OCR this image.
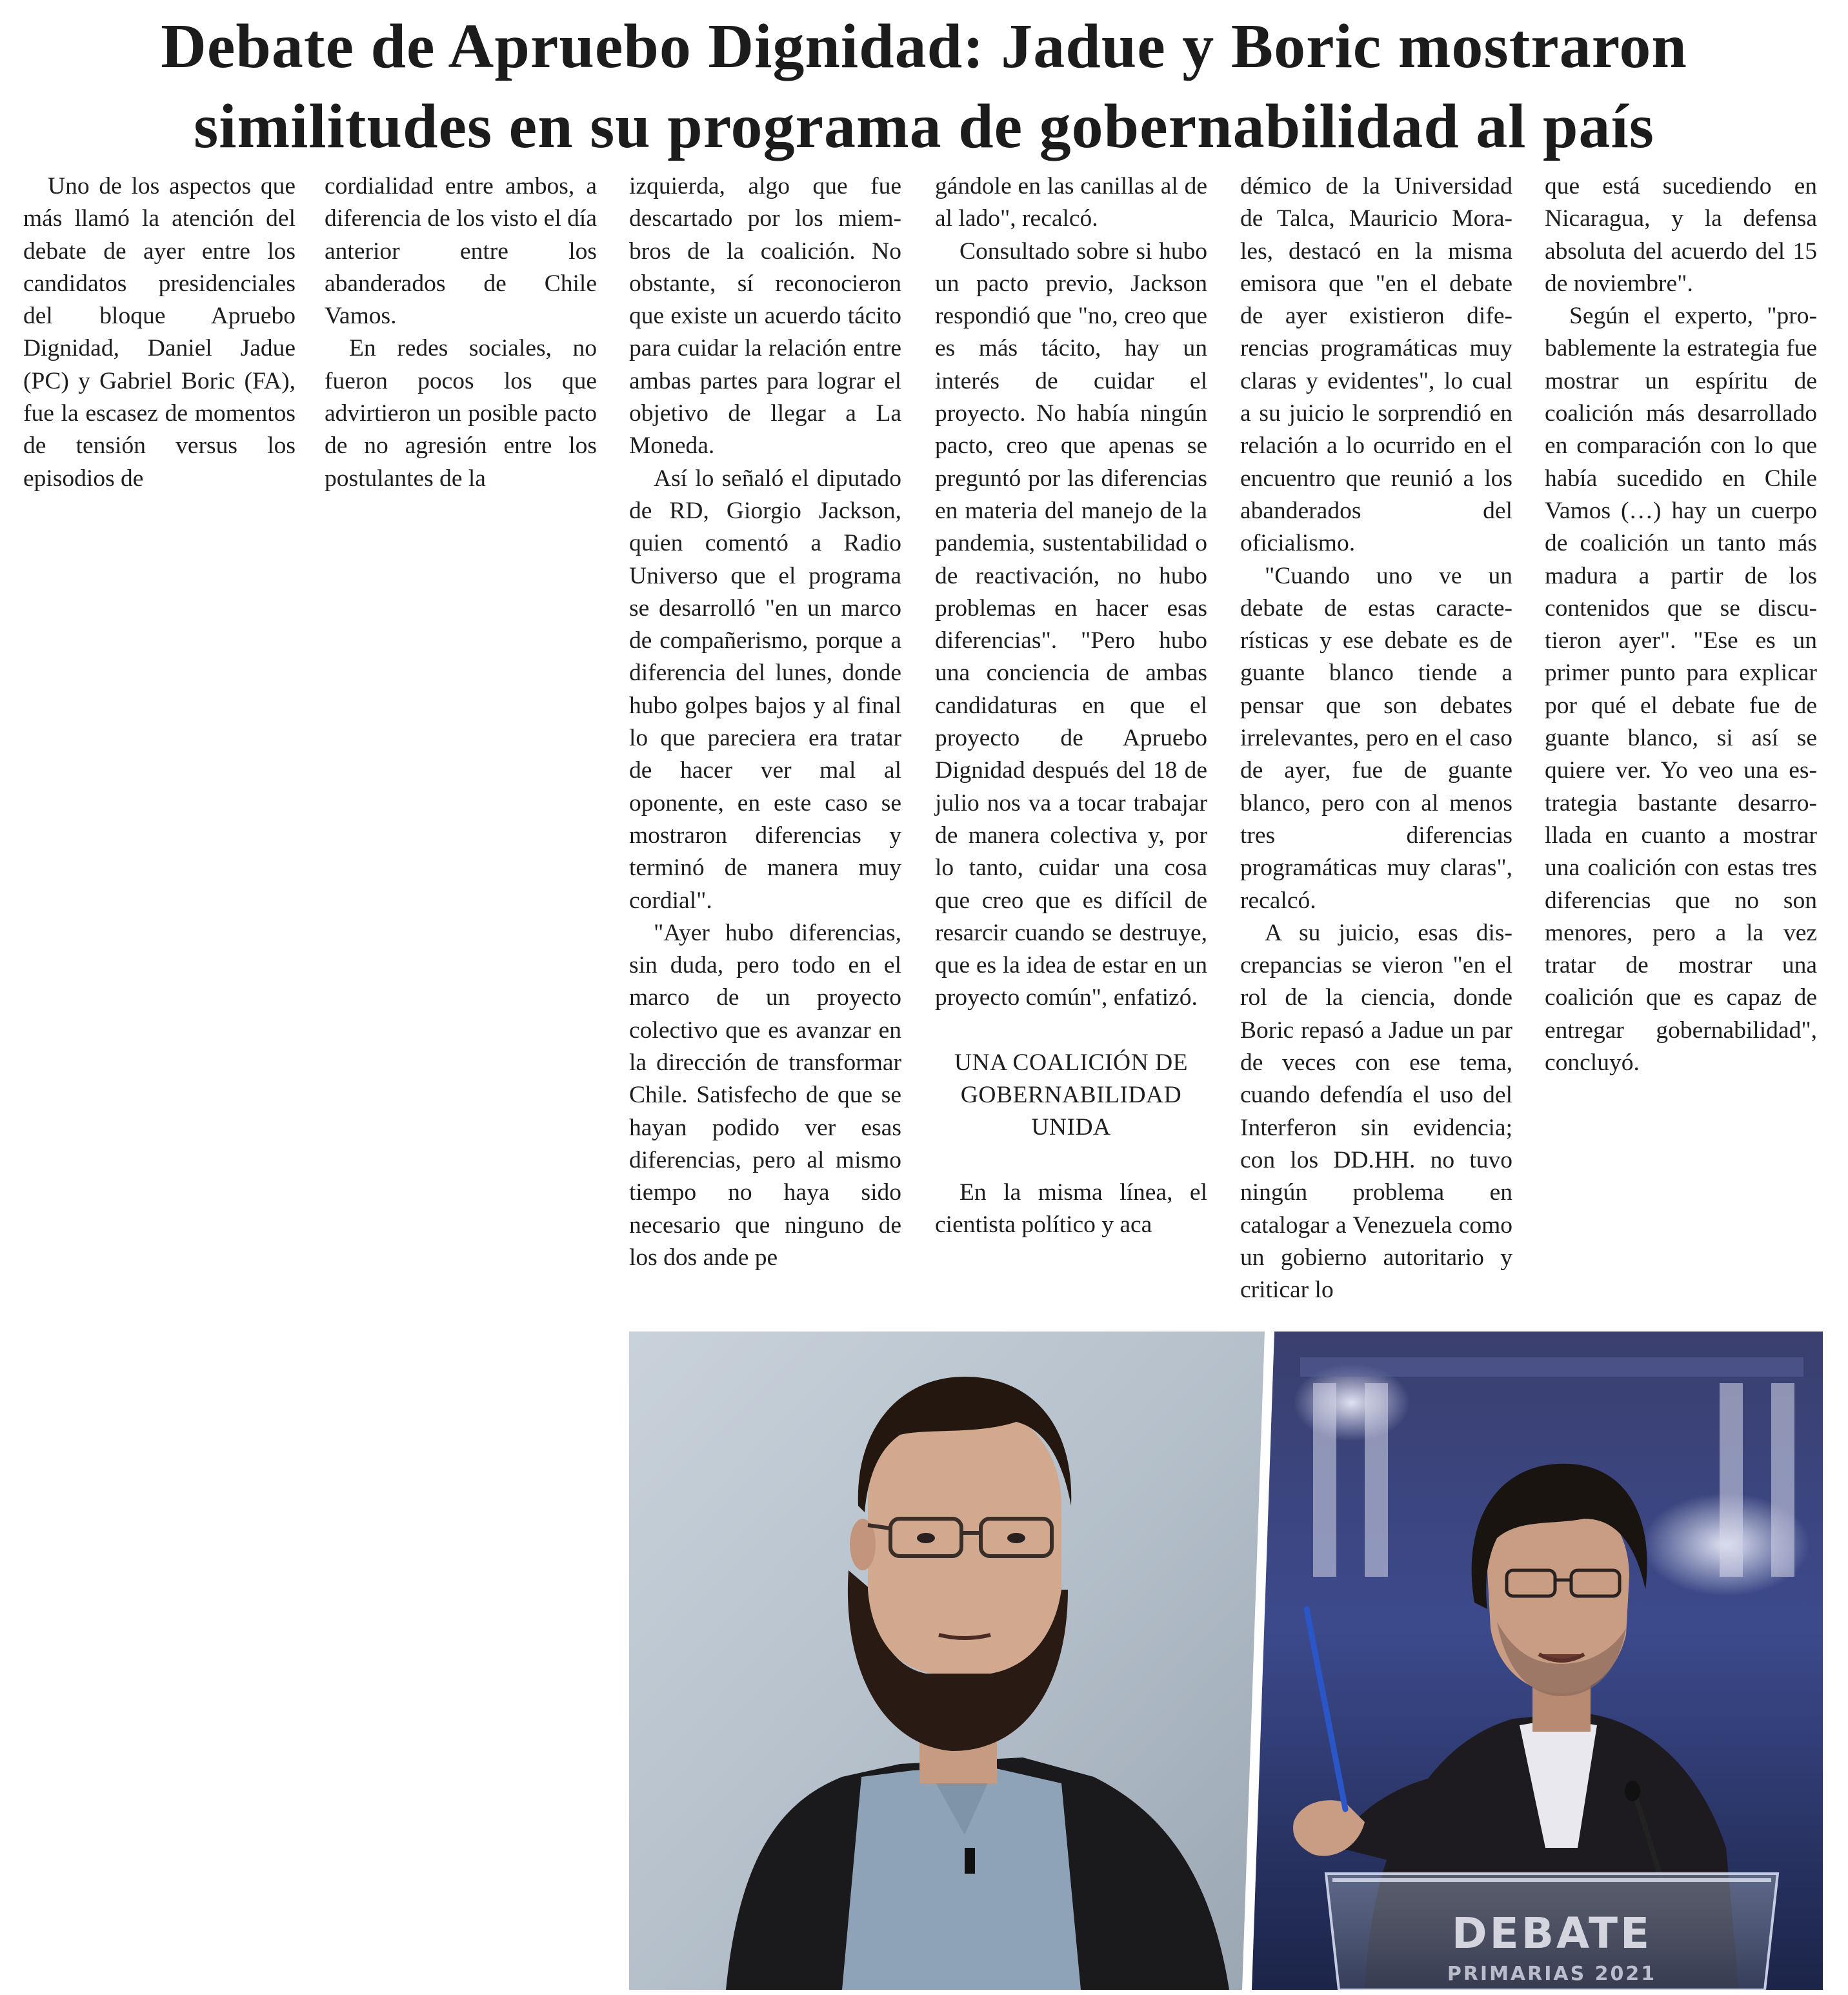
Debate de Apruebo Dignidad: Jadue y Boric mostraron
similitudes en su programa de gobernabilidad al país

Uno de los aspectos que más llamó la atención del debate de ayer entre los candidatos presidenciales del bloque Apruebo Dignidad, Daniel Jadue (PC) y Gabriel Boric (FA), fue la escasez de momentos de tensión versus los episodios de

cordialidad entre ambos, a diferencia de los visto el día anterior entre los abanderados de Chile Vamos.

En redes sociales, no fueron pocos los que advirtieron un posible pacto de no agresión entre los postulantes de la

izquierda, algo que fue descartado por los miembros de la coalición. No obstante, sí reconocieron que existe un acuerdo tácito para cuidar la relación entre ambas partes para lograr el objetivo de llegar a La Moneda.

Así lo señaló el diputado de RD, Giorgio Jackson, quien comentó a Radio Universo que el programa se desarrolló "en un marco de compañerismo, porque a diferencia del lunes, donde hubo golpes bajos y al final lo que pareciera era tratar de hacer ver mal al oponente, en este caso se mostraron diferencias y terminó de manera muy cordial".

"Ayer hubo diferencias, sin duda, pero todo en el marco de un proyecto colectivo que es avanzar en la dirección de transformar Chile. Satisfecho de que se hayan podido ver esas diferencias, pero al mismo tiempo no haya sido necesario que ninguno de los dos ande pe

gándole en las canillas al de al lado", recalcó.

Consultado sobre si hubo un pacto previo, Jackson respondió que "no, creo que es más tácito, hay un interés de cuidar el proyecto. No había ningún pacto, creo que apenas se preguntó por las diferencias en materia del manejo de la pandemia, sustentabilidad o de reactivación, no hubo problemas en hacer esas diferencias". "Pero hubo una conciencia de ambas candidaturas en que el proyecto de Apruebo Dignidad después del 18 de julio nos va a tocar trabajar de manera colectiva y, por lo tanto, cuidar una cosa que creo que es difícil de resarcir cuando se destruye, que es la idea de estar en un proyecto común", enfatizó.

UNA COALICIÓN DE GOBERNABILIDAD UNIDA

En la misma línea, el cientista político y aca

démico de la Universidad de Talca, Mauricio Morales, destacó en la misma emisora que "en el debate de ayer existieron diferencias programáticas muy claras y evidentes", lo cual a su juicio le sorprendió en relación a lo ocurrido en el encuentro que reunió a los abanderados del oficialismo.

"Cuando uno ve un debate de estas características y ese debate es de guante blanco tiende a pensar que son debates irrelevantes, pero en el caso de ayer, fue de guante blanco, pero con al menos tres diferencias programáticas muy claras", recalcó.

A su juicio, esas discrepancias se vieron "en el rol de la ciencia, donde Boric repasó a Jadue un par de veces con ese tema, cuando defendía el uso del Interferon sin evidencia; con los DD.HH. no tuvo ningún problema en catalogar a Venezuela como un gobierno autoritario y criticar lo

que está sucediendo en Nicaragua, y la defensa absoluta del acuerdo del 15 de noviembre".

Según el experto, "probablemente la estrategia fue mostrar un espíritu de coalición más desarrollado en comparación con lo que había sucedido en Chile Vamos (…) hay un cuerpo de coalición un tanto más madura a partir de los contenidos que se discutieron ayer". "Ese es un primer punto para explicar por qué el debate fue de guante blanco, si así se quiere ver. Yo veo una estrategia bastante desarrollada en cuanto a mostrar una coalición con estas tres diferencias que no son menores, pero a la vez tratar de mostrar una coalición que es capaz de entregar gobernabilidad", concluyó.

DEBATE
PRIMARIAS 2021
